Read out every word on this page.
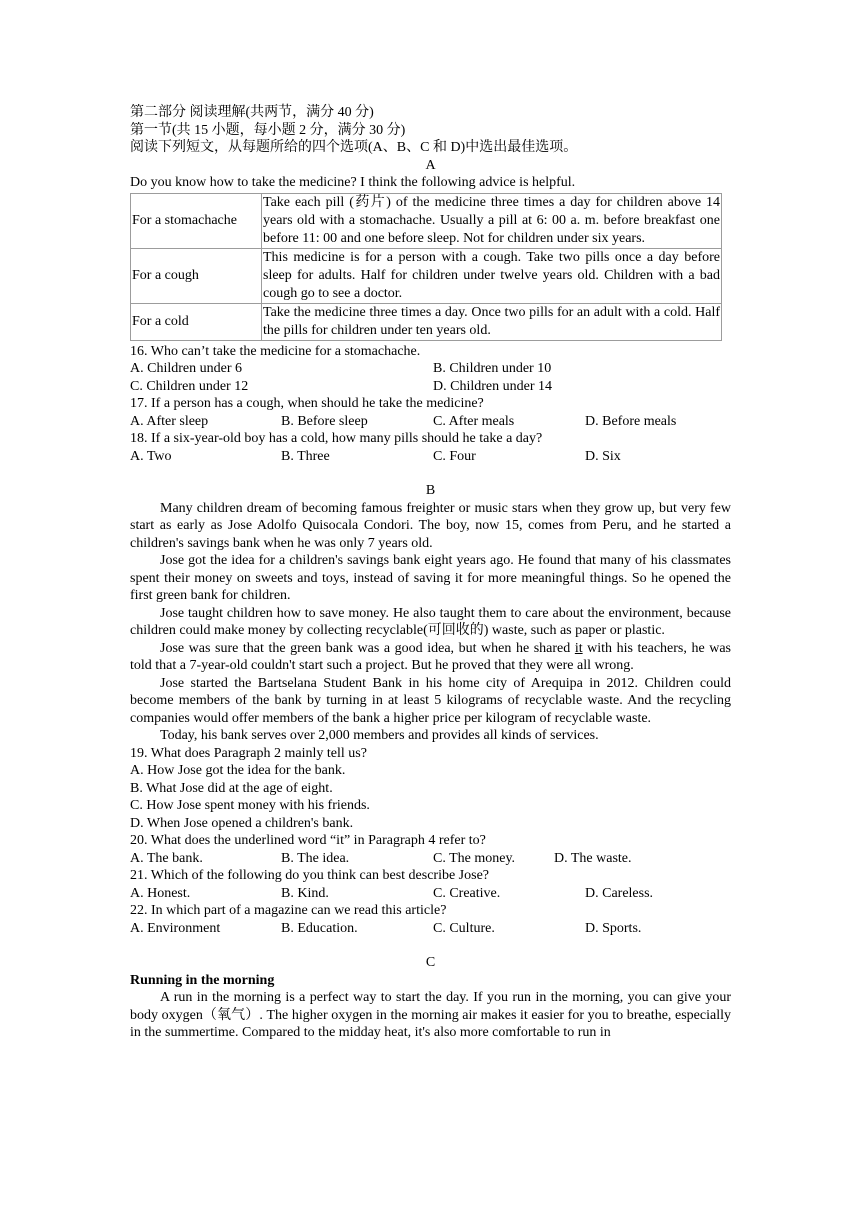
第二部分 阅读理解(共两节，满分 40 分)
第一节(共 15 小题，每小题 2 分，满分 30 分)
阅读下列短文，从每题所给的四个选项(A、B、C 和 D)中选出最佳选项。
A
Do you know how to take the medicine? I think the following advice is helpful.
For a stomachache	Take each pill (药片) of the medicine three times a day for children above 14 years old with a stomachache. Usually a pill at 6: 00 a. m. before breakfast one before 11: 00 and one before sleep. Not for children under six years.
For a cough	This medicine is for a person with a cough. Take two pills once a day before sleep for adults. Half for children under twelve years old. Children with a bad cough go to see a doctor.
For a cold	Take the medicine three times a day. Once two pills for an adult with a cold. Half the pills for children under ten years old.
16. Who can’t take the medicine for a stomachache.
A. Children under 6	B. Children under 10
C. Children under 12	D. Children under 14
17. If a person has a cough, when should he take the medicine?
A. After sleep	B. Before sleep	C. After meals	D. Before meals
18. If a six-year-old boy has a cold, how many pills should he take a day?
A. Two	B. Three	C. Four	D. Six
B
Many children dream of becoming famous freighter or music stars when they grow up, but very few start as early as Jose Adolfo Quisocala Condori. The boy, now 15, comes from Peru, and he started a children's savings bank when he was only 7 years old.
Jose got the idea for a children's savings bank eight years ago. He found that many of his classmates spent their money on sweets and toys, instead of saving it for more meaningful things. So he opened the first green bank for children.
Jose taught children how to save money. He also taught them to care about the environment, because children could make money by collecting recyclable(可回收的) waste, such as paper or plastic.
Jose was sure that the green bank was a good idea, but when he shared it with his teachers, he was told that a 7-year-old couldn't start such a project. But he proved that they were all wrong.
Jose started the Bartselana Student Bank in his home city of Arequipa in 2012. Children could become members of the bank by turning in at least 5 kilograms of recyclable waste. And the recycling companies would offer members of the bank a higher price per kilogram of recyclable waste.
Today, his bank serves over 2,000 members and provides all kinds of services.
19. What does Paragraph 2 mainly tell us?
A. How Jose got the idea for the bank.
B. What Jose did at the age of eight.
C. How Jose spent money with his friends.
D. When Jose opened a children's bank.
20. What does the underlined word “it” in Paragraph 4 refer to?
A. The bank.	B. The idea.	C. The money.	D. The waste.
21. Which of the following do you think can best describe Jose?
A. Honest.	B. Kind.	C. Creative.	D. Careless.
22. In which part of a magazine can we read this article?
A. Environment	B. Education.	C. Culture.	D. Sports.
C
Running in the morning
A run in the morning is a perfect way to start the day. If you run in the morning, you can give your body oxygen（氧气）. The higher oxygen in the morning air makes it easier for you to breathe, especially in the summertime. Compared to the midday heat, it's also more comfortable to run in
